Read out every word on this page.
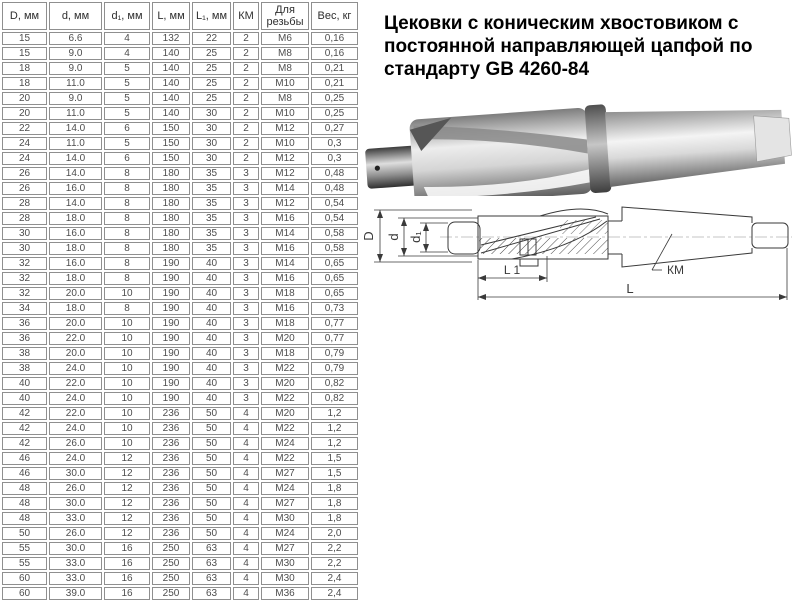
D, мм	d, мм	d₁, мм	L, мм	L₁, мм	КМ	Для резьбы	Вес, кг
15	6.6	4	132	22	2	М6	0,16
15	9.0	4	140	25	2	М8	0,16
18	9.0	5	140	25	2	М8	0,21
18	11.0	5	140	25	2	М10	0,21
20	9.0	5	140	25	2	М8	0,25
20	11.0	5	140	30	2	М10	0,25
22	14.0	6	150	30	2	М12	0,27
24	11.0	5	150	30	2	М10	0,3
24	14.0	6	150	30	2	М12	0,3
26	14.0	8	180	35	3	М12	0,48
26	16.0	8	180	35	3	М14	0,48
28	14.0	8	180	35	3	М12	0,54
28	18.0	8	180	35	3	М16	0,54
30	16.0	8	180	35	3	М14	0,58
30	18.0	8	180	35	3	М16	0,58
32	16.0	8	190	40	3	М14	0,65
32	18.0	8	190	40	3	М16	0,65
32	20.0	10	190	40	3	М18	0,65
34	18.0	8	190	40	3	М16	0,73
36	20.0	10	190	40	3	М18	0,77
36	22.0	10	190	40	3	М20	0,77
38	20.0	10	190	40	3	М18	0,79
38	24.0	10	190	40	3	М22	0,79
40	22.0	10	190	40	3	М20	0,82
40	24.0	10	190	40	3	М22	0,82
42	22.0	10	236	50	4	М20	1,2
42	24.0	10	236	50	4	М22	1,2
42	26.0	10	236	50	4	М24	1,2
46	24.0	12	236	50	4	М22	1,5
46	30.0	12	236	50	4	М27	1,5
48	26.0	12	236	50	4	М24	1,8
48	30.0	12	236	50	4	М27	1,8
48	33.0	12	236	50	4	М30	1,8
50	26.0	12	236	50	4	М24	2,0
55	30.0	16	250	63	4	М27	2,2
55	33.0	16	250	63	4	М30	2,2
60	33.0	16	250	63	4	М30	2,4
60	39.0	16	250	63	4	М36	2,4
Цековки с коническим хвостовиком с постоянной направляющей цапфой по стандарту GB 4260-84
D d d₁
L 1
L
КМ
